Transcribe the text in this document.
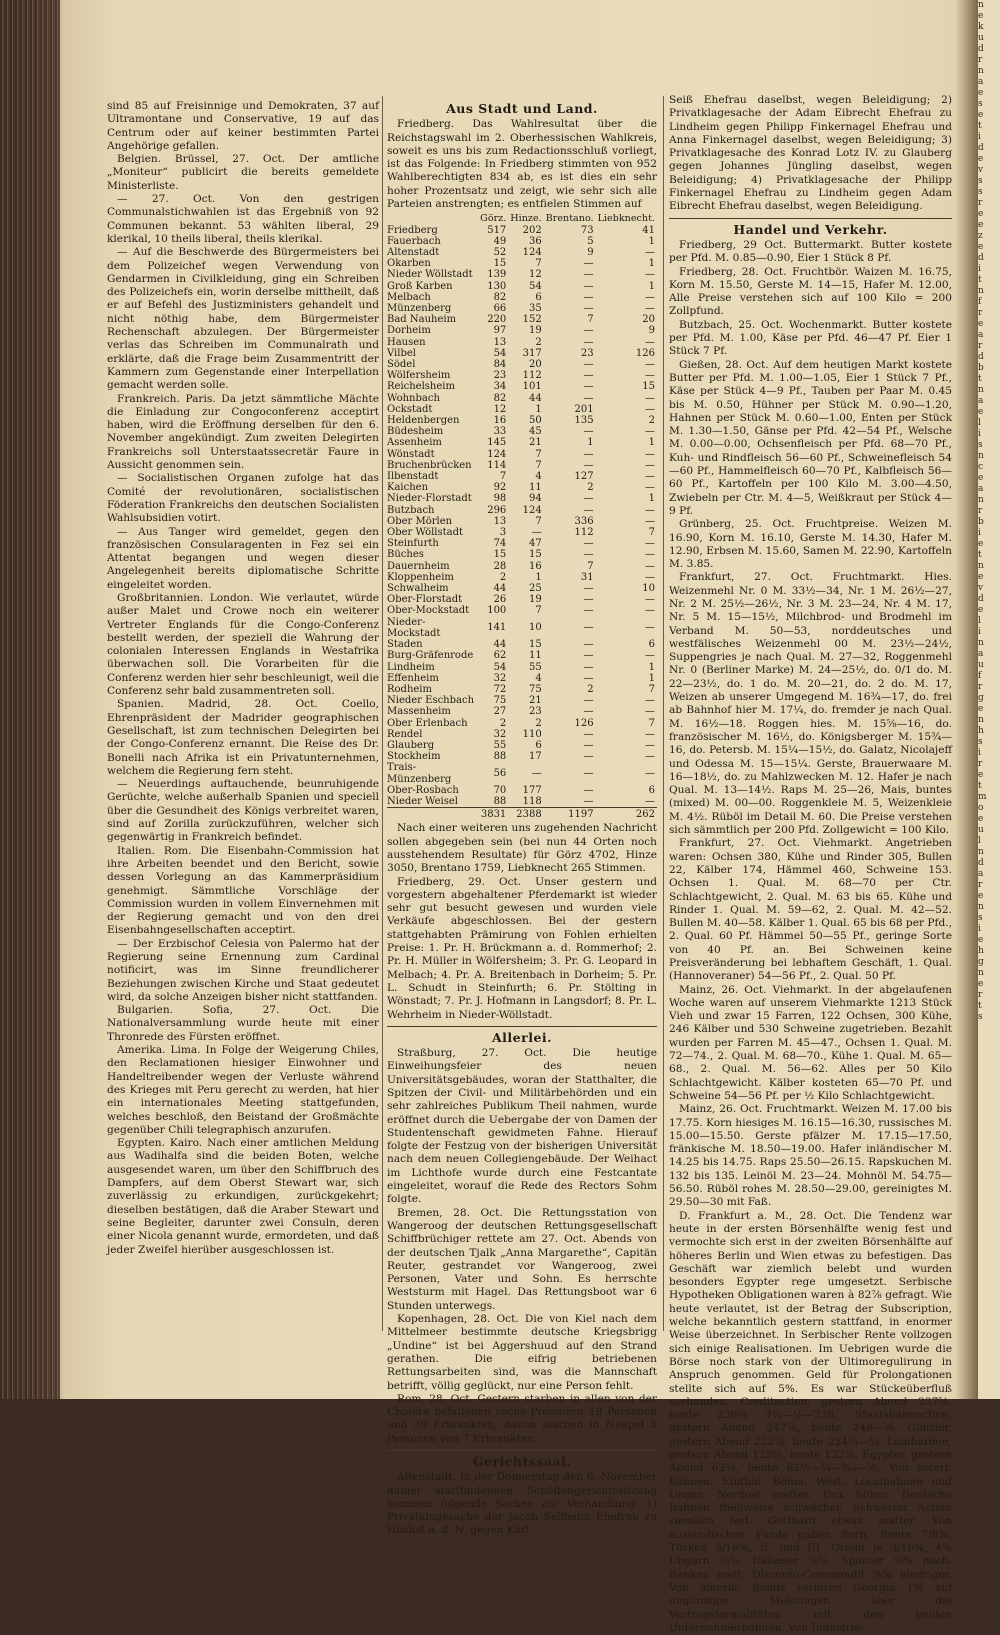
sind 85 auf Freisinnige und Demokraten, 37 auf Ultramontane und Conservative, 19 auf das Centrum oder auf keiner bestimmten Partei Angehörige gefallen.

Belgien. Brüssel, 27. Oct. Der amtliche „Moniteur“ publicirt die bereits gemeldete Ministerliste.

— 27. Oct. Von den gestrigen Communalstichwahlen ist das Ergebniß von 92 Communen bekannt. 53 wählten liberal, 29 klerikal, 10 theils liberal, theils klerikal.

— Auf die Beschwerde des Bürgermeisters bei dem Polizeichef wegen Verwendung von Gendarmen in Civilkleidung, ging ein Schreiben des Polizeichefs ein, worin derselbe mittheilt, daß er auf Befehl des Justizministers gehandelt und nicht nöthig habe, dem Bürgermeister Rechenschaft abzulegen. Der Bürgermeister verlas das Schreiben im Communalrath und erklärte, daß die Frage beim Zusammentritt der Kammern zum Gegenstande einer Interpellation gemacht werden solle.

Frankreich. Paris. Da jetzt sämmtliche Mächte die Einladung zur Congoconferenz acceptirt haben, wird die Eröffnung derselben für den 6. November angekündigt. Zum zweiten Delegirten Frankreichs soll Unterstaatssecretär Faure in Aussicht genommen sein.

— Socialistischen Organen zufolge hat das Comité der revolutionären, socialistischen Föderation Frankreichs den deutschen Socialisten Wahlsubsidien votirt.

— Aus Tanger wird gemeldet, gegen den französischen Consularagenten in Fez sei ein Attentat begangen und wegen dieser Angelegenheit bereits diplomatische Schritte eingeleitet worden.

Großbritannien. London. Wie verlautet, würde außer Malet und Crowe noch ein weiterer Vertreter Englands für die Congo-Conferenz bestellt werden, der speziell die Wahrung der colonialen Interessen Englands in Westafrika überwachen soll. Die Vorarbeiten für die Conferenz werden hier sehr beschleunigt, weil die Conferenz sehr bald zusammentreten soll.

Spanien. Madrid, 28. Oct. Coello, Ehrenpräsident der Madrider geographischen Gesellschaft, ist zum technischen Delegirten bei der Congo-Conferenz ernannt. Die Reise des Dr. Bonelli nach Afrika ist ein Privatunternehmen, welchem die Regierung fern steht.

— Neuerdings auftauchende, beunruhigende Gerüchte, welche außerhalb Spanien und speciell über die Gesundheit des Königs verbreitet waren, sind auf Zorilla zurückzuführen, welcher sich gegenwärtig in Frankreich befindet.

Italien. Rom. Die Eisenbahn-Commission hat ihre Arbeiten beendet und den Bericht, sowie dessen Vorlegung an das Kammerpräsidium genehmigt. Sämmtliche Vorschläge der Commission wurden in vollem Einvernehmen mit der Regierung gemacht und von den drei Eisenbahngesellschaften acceptirt.

— Der Erzbischof Celesia von Palermo hat der Regierung seine Ernennung zum Cardinal notificirt, was im Sinne freundlicherer Beziehungen zwischen Kirche und Staat gedeutet wird, da solche Anzeigen bisher nicht stattfanden.

Bulgarien. Sofia, 27. Oct. Die Nationalversammlung wurde heute mit einer Thronrede des Fürsten eröffnet.

Amerika. Lima. In Folge der Weigerung Chiles, den Reclamationen hiesiger Einwohner und Handeltreibender wegen der Verluste während des Krieges mit Peru gerecht zu werden, hat hier ein internationales Meeting stattgefunden, welches beschloß, den Beistand der Großmächte gegenüber Chili telegraphisch anzurufen.

Egypten. Kairo. Nach einer amtlichen Meldung aus Wadihalfa sind die beiden Boten, welche ausgesendet waren, um über den Schiffbruch des Dampfers, auf dem Oberst Stewart war, sich zuverlässig zu erkundigen, zurückgekehrt; dieselben bestätigen, daß die Araber Stewart und seine Begleiter, darunter zwei Consuln, deren einer Nicola genannt wurde, ermordeten, und daß jeder Zweifel hierüber ausgeschlossen ist.

Aus Stadt und Land.

Friedberg. Das Wahlresultat über die Reichstagswahl im 2. Oberhessischen Wahlkreis, soweit es uns bis zum Redactionsschluß vorliegt, ist das Folgende: In Friedberg stimmten von 952 Wahlberechtigten 834 ab, es ist dies ein sehr hoher Prozentsatz und zeigt, wie sehr sich alle Parteien anstrengten; es entfielen Stimmen auf

	Görz.	Hinze.	Brentano.	Liebknecht.
Friedberg	517	202	73	41
Fauerbach	49	36	5	1
Altenstadt	52	124	9	—
Okarben	15	7	—	1
Nieder Wöllstadt	139	12	—	—
Groß Karben	130	54	—	1
Melbach	82	6	—	—
Münzenberg	66	35	—	—
Bad Nauheim	220	152	7	20
Dorheim	97	19	—	9
Hausen	13	2	—	—
Vilbel	54	317	23	126
Södel	84	20	—	—
Wölfersheim	23	112	—	—
Reichelsheim	34	101	—	15
Wohnbach	82	44	—	—
Ockstadt	12	1	201	—
Heldenbergen	16	50	135	2
Büdesheim	33	45	—	—
Assenheim	145	21	1	1
Wönstadt	124	7	—	—
Bruchenbrücken	114	7	—	—
Ilbenstadt	7	4	127	—
Kaichen	92	11	2	—
Nieder-Florstadt	98	94	—	1
Butzbach	296	124	—	—
Ober Mörlen	13	7	336	—
Ober Wöllstadt	3	—	112	7
Steinfurth	74	47	—	—
Büches	15	15	—	—
Dauernheim	28	16	7	—
Kloppenheim	2	1	31	—
Schwalheim	44	25	—	10
Ober-Florstadt	26	19	—	—
Ober-Mockstadt	100	7	—	—
Nieder-Mockstadt	141	10	—	—
Staden	44	15	—	6
Burg-Gräfenrode	62	11	—	—
Lindheim	54	55	—	1
Effenheim	32	4	—	1
Rodheim	72	75	2	7
Nieder Eschbach	75	21	—	—
Massenheim	27	23	—	—
Ober Erlenbach	2	2	126	7
Rendel	32	110	—	—
Glauberg	55	6	—	—
Stockheim	88	17	—	—
Trais-Münzenberg	56	—	—	—
Ober-Rosbach	70	177	—	6
Nieder Weisel	88	118	—	—
	3831	2388	1197	262

Nach einer weiteren uns zugehenden Nachricht sollen abgegeben sein (bei nun 44 Orten noch ausstehendem Resultate) für Görz 4702, Hinze 3050, Brentano 1759, Liebknecht 265 Stimmen.

Friedberg, 29. Oct. Unser gestern und vorgestern abgehaltener Pferdemarkt ist wieder sehr gut besucht gewesen und wurden viele Verkäufe abgeschlossen. Bei der gestern stattgehabten Prämirung von Fohlen erhielten Preise: 1. Pr. H. Brückmann a. d. Rommerhof; 2. Pr. H. Müller in Wölfersheim; 3. Pr. G. Leopard in Melbach; 4. Pr. A. Breitenbach in Dorheim; 5. Pr. L. Schudt in Steinfurth; 6. Pr. Stölting in Wönstadt; 7. Pr. J. Hofmann in Langsdorf; 8. Pr. L. Wehrheim in Nieder-Wöllstadt.

Allerlei.

Straßburg, 27. Oct. Die heutige Einweihungsfeier des neuen Universitätsgebäudes, woran der Statthalter, die Spitzen der Civil- und Militärbehörden und ein sehr zahlreiches Publikum Theil nahmen, wurde eröffnet durch die Uebergabe der von Damen der Studentenschaft gewidmeten Fahne. Hierauf folgte der Festzug von der bisherigen Universität nach dem neuen Collegiengebäude. Der Weihact im Lichthofe wurde durch eine Festcantate eingeleitet, worauf die Rede des Rectors Sohm folgte.

Bremen, 28. Oct. Die Rettungsstation von Wangeroog der deutschen Rettungsgesellschaft Schiffbrüchiger rettete am 27. Oct. Abends von der deutschen Tjalk „Anna Margarethe“, Capitän Reuter, gestrandet vor Wangeroog, zwei Personen, Vater und Sohn. Es herrschte Weststurm mit Hagel. Das Rettungsboot war 6 Stunden unterwegs.

Kopenhagen, 28. Oct. Die von Kiel nach dem Mittelmeer bestimmte deutsche Kriegsbrigg „Undine“ ist bei Aggershuud auf den Strand gerathen. Die eifrig betriebenen Rettungsarbeiten sind, was die Mannschaft betrifft, völlig geglückt, nur eine Person fehlt.

Rom, 28. Oct. Gestern starben in allen von der Cholera befallenen sechs Provinzen 19 Personen und 39 Erkrankten, davon starben in Neapel 5 Personen von 7 Erkrankten.

Gerichtssaal.

Altenstadt. In der Donnerstag den 6. November dahier stattfindenden Schöffengerichtssitzung kommen folgende Sachen zur Verhandlung: 1) Privatklagesache der Jacob Sellheim Ehefrau zu Höchst a. d. N. gegen Karl

Seiß Ehefrau daselbst, wegen Beleidigung; 2) Privatklagesache der Adam Eibrecht Ehefrau zu Lindheim gegen Philipp Finkernagel Ehefrau und Anna Finkernagel daselbst, wegen Beleidigung; 3) Privatklagesache des Konrad Lotz IV. zu Glauberg gegen Johannes Jüngling daselbst, wegen Beleidigung; 4) Privatklagesache der Philipp Finkernagel Ehefrau zu Lindheim gegen Adam Eibrecht Ehefrau daselbst, wegen Beleidigung.

Handel und Verkehr.

Friedberg, 29 Oct. Buttermarkt. Butter kostete per Pfd. M. 0.85—0.90, Eier 1 Stück 8 Pf.

Friedberg, 28. Oct. Fruchtbör. Waizen M. 16.75, Korn M. 15.50, Gerste M. 14—15, Hafer M. 12.00, Alle Preise verstehen sich auf 100 Kilo = 200 Zollpfund.

Butzbach, 25. Oct. Wochenmarkt. Butter kostete per Pfd. M. 1.00, Käse per Pfd. 46—47 Pf. Eier 1 Stück 7 Pf.

Gießen, 28. Oct. Auf dem heutigen Markt kostete Butter per Pfd. M. 1.00—1.05, Eier 1 Stück 7 Pf., Käse per Stück 4—9 Pf., Tauben per Paar M. 0.45 bis M. 0.50, Hühner per Stück M. 0.90—1.20, Hahnen per Stück M. 0.60—1.00, Enten per Stück M. 1.30—1.50, Gänse per Pfd. 42—54 Pf., Welsche M. 0.00—0.00, Ochsenfleisch per Pfd. 68—70 Pf., Kuh- und Rindfleisch 56—60 Pf., Schweinefleisch 54—60 Pf., Hammelfleisch 60—70 Pf., Kalbfleisch 56—60 Pf., Kartoffeln per 100 Kilo M. 3.00—4.50, Zwiebeln per Ctr. M. 4—5, Weißkraut per Stück 4—9 Pf.

Grünberg, 25. Oct. Fruchtpreise. Weizen M. 16.90, Korn M. 16.10, Gerste M. 14.30, Hafer M. 12.90, Erbsen M. 15.60, Samen M. 22.90, Kartoffeln M. 3.85.

Frankfurt, 27. Oct. Fruchtmarkt. Hies. Weizenmehl Nr. 0 M. 33½—34, Nr. 1 M. 26½—27, Nr. 2 M. 25½—26½, Nr. 3 M. 23—24, Nr. 4 M. 17, Nr. 5 M. 15—15½, Milchbrod- und Brodmehl im Verband M. 50—53, norddeutsches und westfälisches Weizenmehl 00 M. 23½—24½, Suppengries je nach Qual. M. 27—32, Roggenmehl Nr. 0 (Berliner Marke) M. 24—25½, do. 0/1 do. M. 22—23½, do. 1 do. M. 20—21, do. 2 do. M. 17, Weizen ab unserer Umgegend M. 16¾—17, do. frei ab Bahnhof hier M. 17¼, do. fremder je nach Qual. M. 16½—18. Roggen hies. M. 15⅝—16, do. französischer M. 16½, do. Königsberger M. 15¾—16, do. Petersb. M. 15¼—15½, do. Galatz, Nicolajeff und Odessa M. 15—15¼. Gerste, Brauerwaare M. 16—18½, do. zu Mahlzwecken M. 12. Hafer je nach Qual. M. 13—14½. Raps M. 25—26, Mais, buntes (mixed) M. 00—00. Roggenkleie M. 5, Weizenkleie M. 4½. Rüböl im Detail M. 60. Die Preise verstehen sich sämmtlich per 200 Pfd. Zollgewicht = 100 Kilo.

Frankfurt, 27. Oct. Viehmarkt. Angetrieben waren: Ochsen 380, Kühe und Rinder 305, Bullen 22, Kälber 174, Hämmel 460, Schweine 153. Ochsen 1. Qual. M. 68—70 per Ctr. Schlachtgewicht, 2. Qual. M. 63 bis 65. Kühe und Rinder 1. Qual. M. 59—62, 2. Qual. M. 42—52. Bullen M. 40—58. Kälber 1. Qual. 65 bis 68 per Pfd., 2. Qual. 60 Pf. Hämmel 50—55 Pf., geringe Sorte von 40 Pf. an. Bei Schweinen keine Preisveränderung bei lebhaftem Geschäft, 1. Qual. (Hannoveraner) 54—56 Pf., 2. Qual. 50 Pf.

Mainz, 26. Oct. Viehmarkt. In der abgelaufenen Woche waren auf unserem Viehmarkte 1213 Stück Vieh und zwar 15 Farren, 122 Ochsen, 300 Kühe, 246 Kälber und 530 Schweine zugetrieben. Bezahlt wurden per Farren M. 45—47., Ochsen 1. Qual. M. 72—74., 2. Qual. M. 68—70., Kühe 1. Qual. M. 65—68., 2. Qual. M. 56—62. Alles per 50 Kilo Schlachtgewicht. Kälber kosteten 65—70 Pf. und Schweine 54—56 Pf. per ½ Kilo Schlachtgewicht.

Mainz, 26. Oct. Fruchtmarkt. Weizen M. 17.00 bis 17.75. Korn hiesiges M. 16.15—16.30, russisches M. 15.00—15.50. Gerste pfälzer M. 17.15—17.50, fränkische M. 18.50—19.00. Hafer inländischer M. 14.25 bis 14.75. Raps 25.50—26.15. Rapskuchen M. 132 bis 135. Leinöl M. 23—24. Mohnöl M. 54.75—56.50. Rüböl rohes M. 28.50—29.00, gereinigtes M. 29.50—30 mit Faß.

D. Frankfurt a. M., 28. Oct. Die Tendenz war heute in der ersten Börsenhälfte wenig fest und vermochte sich erst in der zweiten Börsenhälfte auf höheres Berlin und Wien etwas zu befestigen. Das Geschäft war ziemlich belebt und wurden besonders Egypter rege umgesetzt. Serbische Hypotheken Obligationen waren à 82⅞ gefragt. Wie heute verlautet, ist der Betrag der Subscription, welche bekanntlich gestern stattfand, in enormer Weise überzeichnet. In Serbischer Rente vollzogen sich einige Realisationen. Im Uebrigen wurde die Börse noch stark von der Ultimoregulirung in Anspruch genommen. Geld für Prolongationen stellte sich auf 5%. Es war Stückeüberfluß vorhanden. Creditactien, gestern Abend 237⅝, heute 236⅝ 7¼—⅛—238. Staatsbahnactien, gestern Abend 247⅞, heute 248—¾. Galizier, gestern Abend 222⅞, heute 224¼—¾. Lombarden, gestern Abend 122⅝, heute 122⅞. Egypter, gestern Abend 62⅝, heute 62½—¼—⁹⁄₁₆—⅝. Von österr. Bahnen: Elbthal, Böhm. West, Localbahnen und Ungar. Nordost matter. Dux höher. Deutsche Bahnen theilweise schwächer. Schweizer Actien ziemlich fest. Gotthard etwas matter. Von ausländischen Fonds gaben Serb. Rente 7/8%, Türken 3/16%, II. und III. Orient je 3/16%, 4% Ungarn ⅛%, Italiener ⅛%, Spanier ⅞% nach. Banken matt, Disconto-Commandit ⅞% niedriger. Von amerik. Bonds verloren Georgia 1% auf ungünstige Meldungen über die Vertragsformalitäten mit den beiden Unternehmerbahnen. Von Industrie-

n
e
k
u
d
r
n
a
e
s
e
t
i
d
e
v
s
s
r
e
e
z
e
d
i
t
n
f
r
e
a
r
d
b
t
n
a
e
l
i
s
n
c
e
a
n
r
b
i
e
t
n
e
v
d
e
l
i
n
a
u
f
r
g
e
n
h
s
i
r
e
t
m
o
e
u
l
n
d
a
r
e
n
s
i
e
h
g
n
e
r
t
s
